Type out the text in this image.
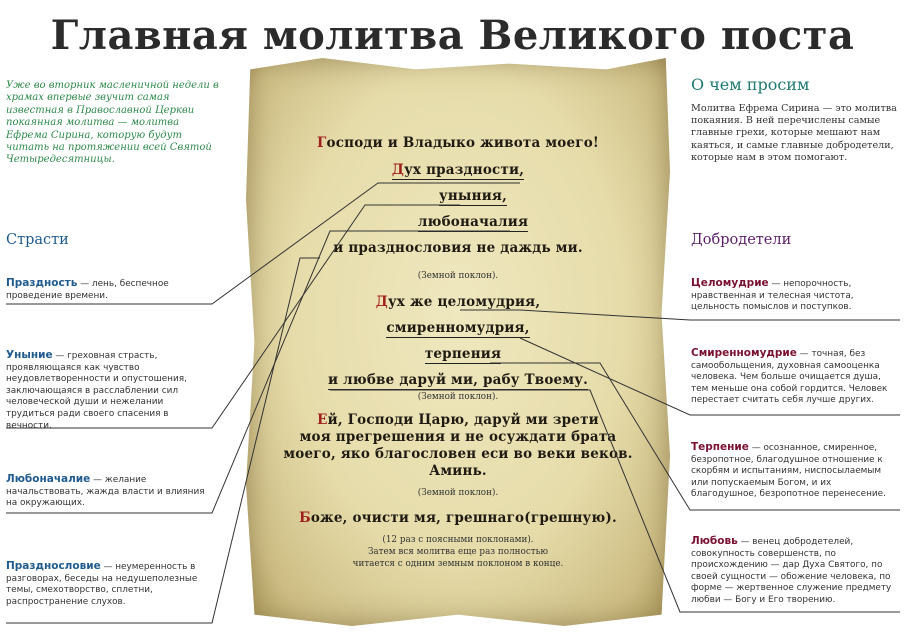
Главная молитва Великого поста
Уже во вторник масленичной недели в храмах впервые звучит самая известная в Православной Церкви покаянная молитва — молитва Ефрема Сирина, которую будут читать на протяжении всей Святой Четыредесятницы.
О чем просим
Молитва Ефрема Сирина — это молитва покаяния. В ней перечислены самые главные грехи, которые мешают нам каяться, и самые главные добродетели, которые нам в этом помогают.
Страсти	Добродетели
Праздность — лень, беспечное проведение времени.
Уныние — греховная страсть, проявляющаяся как чувство неудовлетворенности и опустошения, заключающаяся в расслаблении сил человеческой души и нежелании трудиться ради своего спасения в вечности.
Любоначалие — желание начальствовать, жажда власти и влияния на окружающих.
Празднословие — неумеренность в разговорах, беседы на недушеполезные темы, смехотворство, сплетни, распространение слухов.
Целомудрие — непорочность, нравственная и телесная чистота, цельность помыслов и поступков.
Смиренномудрие — точная, без самообольщения, духовная самооценка человека. Чем больше очищается душа, тем меньше она собой гордится. Человек перестает считать себя лучше других.
Терпение — осознанное, смиренное, безропотное, благодушное отношение к скорбям и испытаниям, ниспосылаемым или попускаемым Богом, и их благодушное, безропотное перенесение.
Любовь — венец добродетелей, совокупность совершенств, по происхождению — дар Духа Святого, по своей сущности — обожение человека, по форме — жертвенное служение предмету любви — Богу и Его творению.
Господи и Владыко живота моего!
Дух праздности,
уныния,
любоначалия
и празднословия не даждь ми.
(Земной поклон).
Дух же целомудрия,
смиренномудрия,
терпения
и любве даруй ми, рабу Твоему.
(Земной поклон).
Ей, Господи Царю, даруй ми зрети
моя прегрешения и не осуждати брата
моего, яко благословен еси во веки веков.
Аминь.
(Земной поклон).
Боже, очисти мя, грешнаго(грешную).
(12 раз с поясными поклонами).
Затем вся молитва еще раз полностью
читается с одним земным поклоном в конце.
